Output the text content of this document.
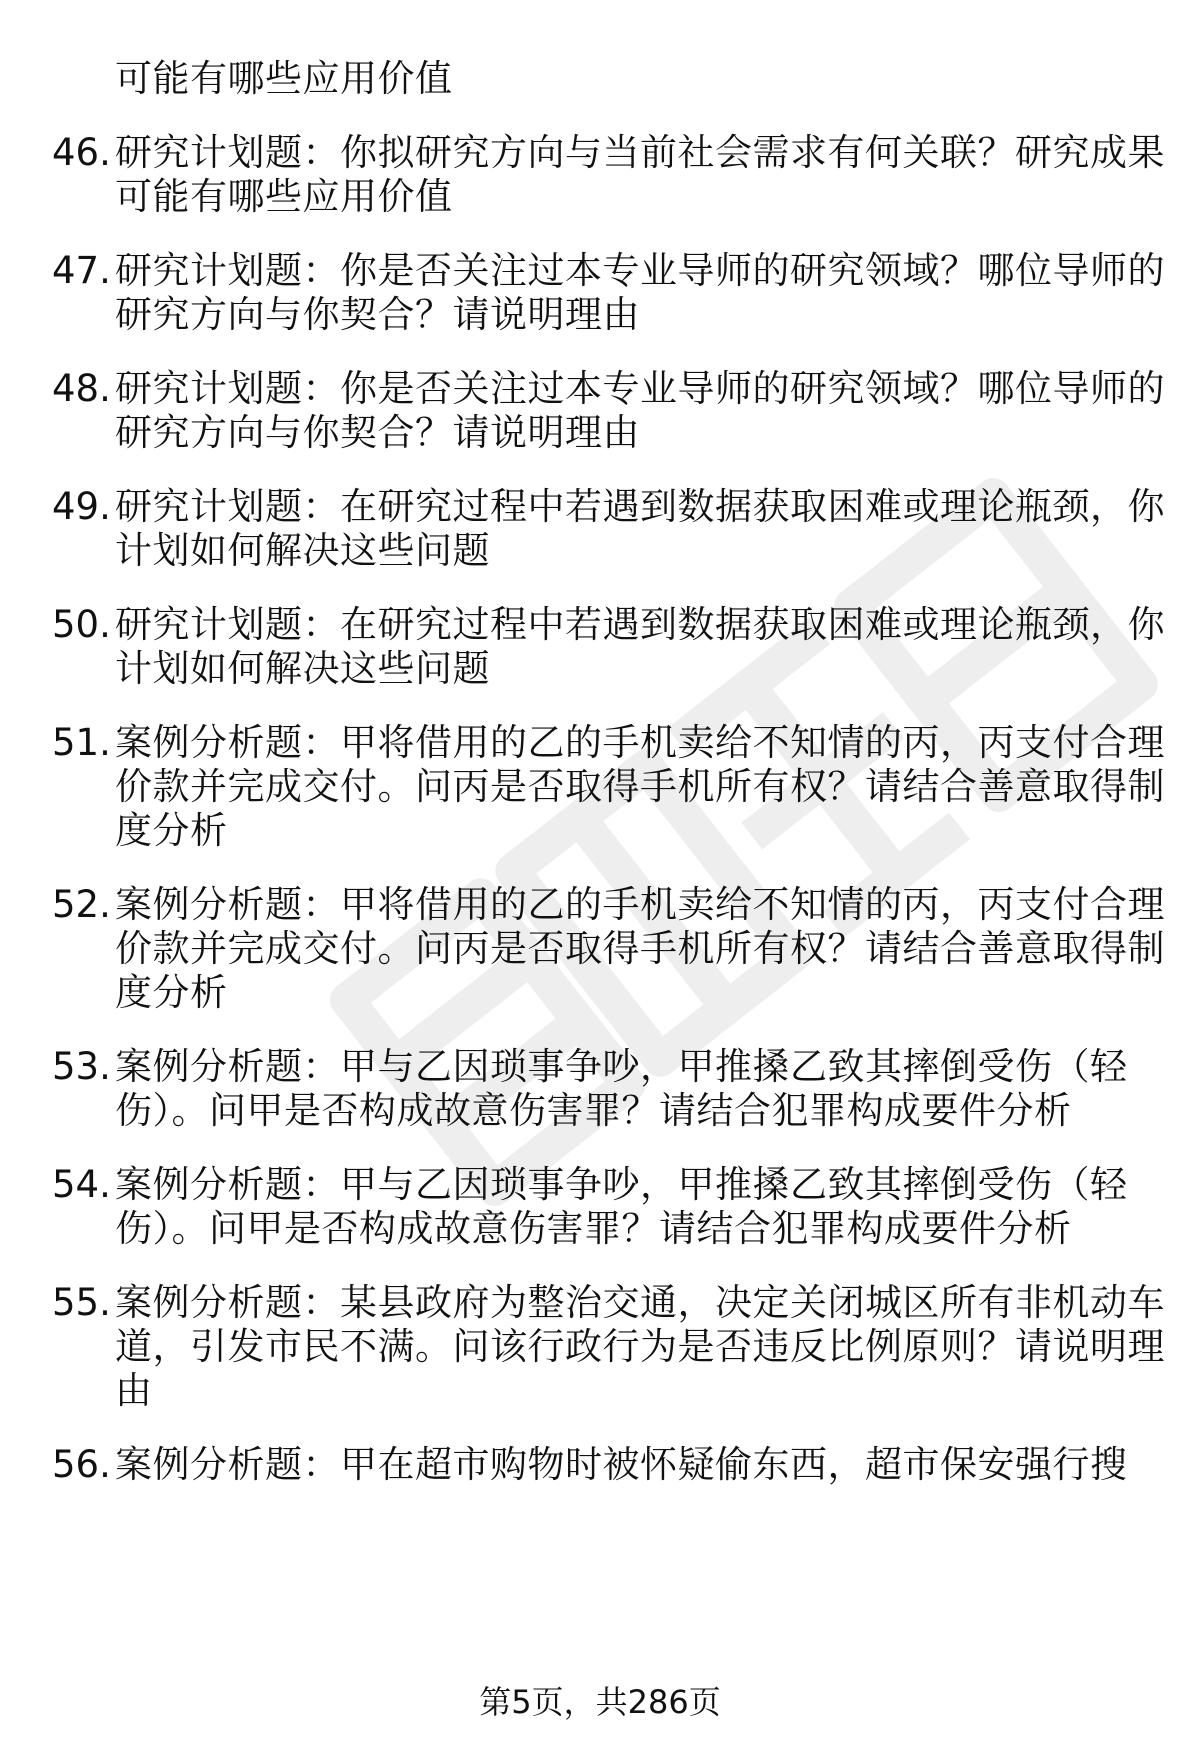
可能有哪些应用价值
46. 研究计划题：你拟研究方向与当前社会需求有何关联？研究成果
可能有哪些应用价值
47. 研究计划题：你是否关注过本专业导师的研究领域？哪位导师的
研究方向与你契合？请说明理由
48. 研究计划题：你是否关注过本专业导师的研究领域？哪位导师的
研究方向与你契合？请说明理由
49. 研究计划题：在研究过程中若遇到数据获取困难或理论瓶颈，你
计划如何解决这些问题
50. 研究计划题：在研究过程中若遇到数据获取困难或理论瓶颈，你
计划如何解决这些问题
51. 案例分析题：甲将借用的乙的手机卖给不知情的丙，丙支付合理
价款并完成交付。问丙是否取得手机所有权？请结合善意取得制
度分析
52. 案例分析题：甲将借用的乙的手机卖给不知情的丙，丙支付合理
价款并完成交付。问丙是否取得手机所有权？请结合善意取得制
度分析
53. 案例分析题：甲与乙因琐事争吵，甲推搡乙致其摔倒受伤（轻
伤）。问甲是否构成故意伤害罪？请结合犯罪构成要件分析
54. 案例分析题：甲与乙因琐事争吵，甲推搡乙致其摔倒受伤（轻
伤）。问甲是否构成故意伤害罪？请结合犯罪构成要件分析
55. 案例分析题：某县政府为整治交通，决定关闭城区所有非机动车
道，引发市民不满。问该行政行为是否违反比例原则？请说明理
由
56. 案例分析题：甲在超市购物时被怀疑偷东西，超市保安强行搜
第5页，共286页
